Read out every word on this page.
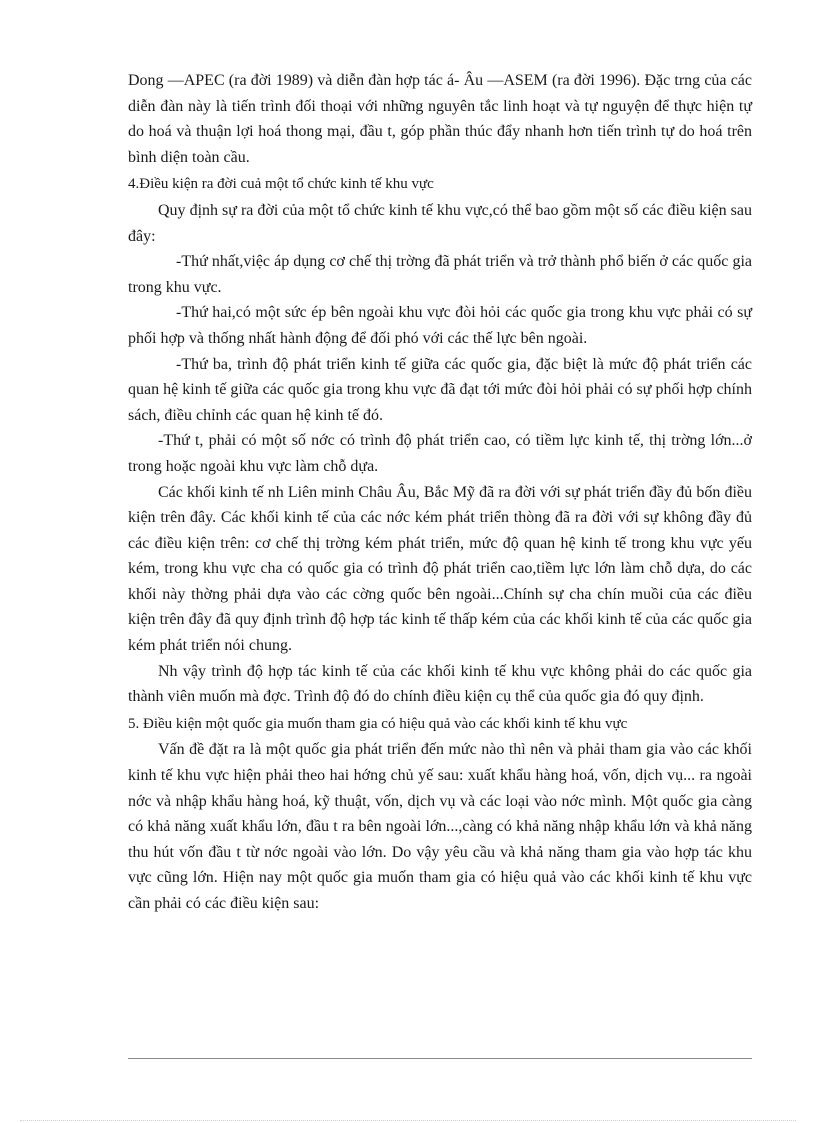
Dong —APEC (ra đời 1989) và diễn đàn hợp tác á- Âu —ASEM (ra đời 1996). Đặc trng của các diễn đàn này là tiến trình đối thoại với những nguyên tắc linh hoạt và tự nguyện để thực hiện tự do hoá và thuận lợi hoá thong mại, đầu t, góp phần thúc đẩy nhanh hơn tiến trình tự do hoá trên bình diện toàn cầu.

4.Điều kiện ra đời cuả một tổ chức kinh tế khu vực

Quy định sự ra đời của một tổ chức kinh tế khu vực,có thể bao gồm một số các điều kiện sau đây:

-Thứ nhất,việc áp dụng cơ chế thị trờng đã phát triển và trở thành phổ biến ở các quốc gia trong khu vực.

-Thứ hai,có một sức ép bên ngoài khu vực đòi hỏi các quốc gia trong khu vực phải có sự phối hợp và thống nhất hành động để đối phó với các thế lực bên ngoài.

-Thứ ba, trình độ phát triển kinh tế giữa các quốc gia, đặc biệt là mức độ phát triển các quan hệ kinh tế giữa các quốc gia trong khu vực đã đạt tới mức đòi hỏi phải có sự phối hợp chính sách, điều chỉnh các quan hệ kinh tế đó.

-Thứ t, phải có một số nớc có trình độ phát triển cao, có tiềm lực kinh tế, thị trờng lớn...ở trong hoặc ngoài khu vực làm chỗ dựa.

Các khối kinh tế nh Liên minh Châu Âu, Bắc Mỹ đã ra đời với sự phát triển đầy đủ bốn điều kiện trên đây. Các khối kinh tế của các nớc kém phát triển thòng đã ra đời với sự không đầy đủ các điều kiện trên: cơ chế thị trờng kém phát triển, mức độ quan hệ kinh tế trong khu vực yếu kém, trong khu vực cha có quốc gia có trình độ phát triển cao,tiềm lực lớn làm chỗ dựa, do các khối này thờng phải dựa vào các cờng quốc bên ngoài...Chính sự cha chín muồi của các điều kiện trên đây đã quy định trình độ hợp tác kinh tế thấp kém của các khối kinh tế của các quốc gia kém phát triển nói chung.

Nh vậy trình độ hợp tác kinh tế của các khối kinh tế khu vực không phải do các quốc gia thành viên muốn mà đợc. Trình độ đó do chính điều kiện cụ thể của quốc gia đó quy định.

5. Điều kiện một quốc gia muốn tham gia có hiệu quả vào các khối kinh tế khu vực

Vấn đề đặt ra là một quốc gia phát triển đến mức nào thì nên và phải tham gia vào các khối kinh tế khu vực hiện phải theo hai hớng chủ yế sau: xuất khẩu hàng hoá, vốn, dịch vụ... ra ngoài nớc và nhập khẩu hàng hoá, kỹ thuật, vốn, dịch vụ và các loại vào nớc mình. Một quốc gia càng có khả năng xuất khẩu lớn, đầu t ra bên ngoài lớn...,càng có khả năng nhập khẩu lớn và khả năng thu hút vốn đầu t từ nớc ngoài vào lớn. Do vậy yêu cầu và khả năng tham gia vào hợp tác khu vực cũng lớn. Hiện nay một quốc gia muốn tham gia có hiệu quả vào các khối kinh tế khu vực cần phải có các điều kiện sau:
